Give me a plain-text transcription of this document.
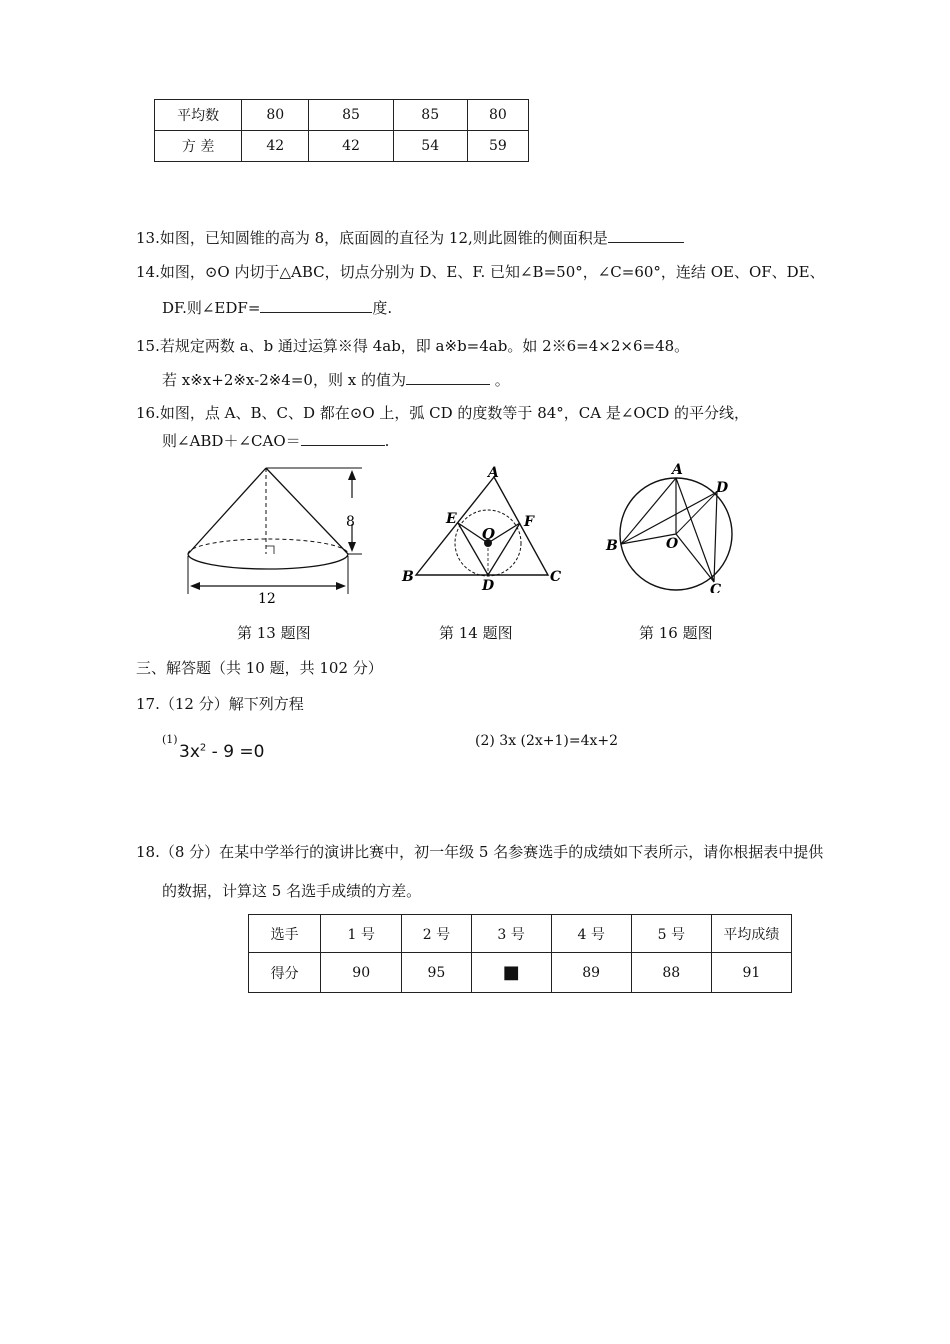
平均数	80	85	85	80
方 差	42	42	54	59
13.如图，已知圆锥的高为 8，底面圆的直径为 12,则此圆锥的侧面积是
14.如图，⊙O 内切于△ABC，切点分别为 D、E、F. 已知∠B=50°，∠C=60°，连结 OE、OF、DE、
DF.则∠EDF=	度.
15.若规定两数 a、b 通过运算※得 4ab，即 a※b=4ab。如 2※6=4×2×6=48。
若 x※x+2※x-2※4=0，则 x 的值为	。
16.如图，点 A、B、C、D 都在⊙O 上，弧 CD 的度数等于 84°，CA 是∠OCD 的平分线，
则∠ABD＋∠CAO＝	.
8
12
A
B	C
D
E	F
O
A
B
C
D
O
第 13 题图	第 14 题图	第 16 题图
三、解答题（共 10 题，共 102 分）
17.（12 分）解下列方程
(1)
$3x^2 - 9 =0$
(2) 3x (2x+1)=4x+2
18.（8 分）在某中学举行的演讲比赛中，初一年级 5 名参赛选手的成绩如下表所示，请你根据表中提供
的数据，计算这 5 名选手成绩的方差。
选手	1 号	2 号	3 号	4 号	5 号	平均成绩
得分	90	95	■	89	88	91
